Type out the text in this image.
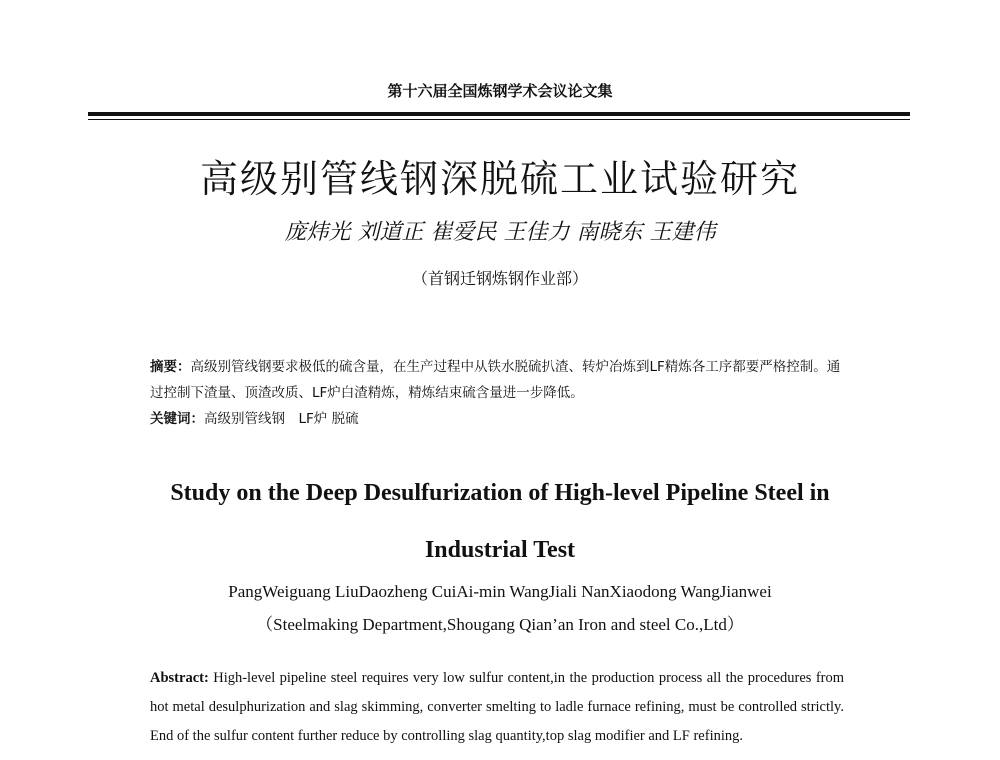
第十六届全国炼钢学术会议论文集
高级别管线钢深脱硫工业试验研究
庞炜光 刘道正 崔爱民 王佳力 南晓东 王建伟
（首钢迁钢炼钢作业部）
摘要：高级别管线钢要求极低的硫含量，在生产过程中从铁水脱硫扒渣、转炉冶炼到LF精炼各工序都要严格控制。通过控制下渣量、顶渣改质、LF炉白渣精炼，精炼结束硫含量进一步降低。
关键词：高级别管线钢　LF炉 脱硫
Study on the Deep Desulfurization of High-level Pipeline Steel in
Industrial Test
PangWeiguang LiuDaozheng CuiAi-min WangJiali NanXiaodong WangJianwei
（Steelmaking Department,Shougang Qian’an Iron and steel Co.,Ltd）
Abstract: High-level pipeline steel requires very low sulfur content,in the production process all the procedures from hot metal desulphurization and slag skimming, converter smelting to ladle furnace refining, must be controlled strictly. End of the sulfur content further reduce by controlling slag quantity,top slag modifier and LF refining.
